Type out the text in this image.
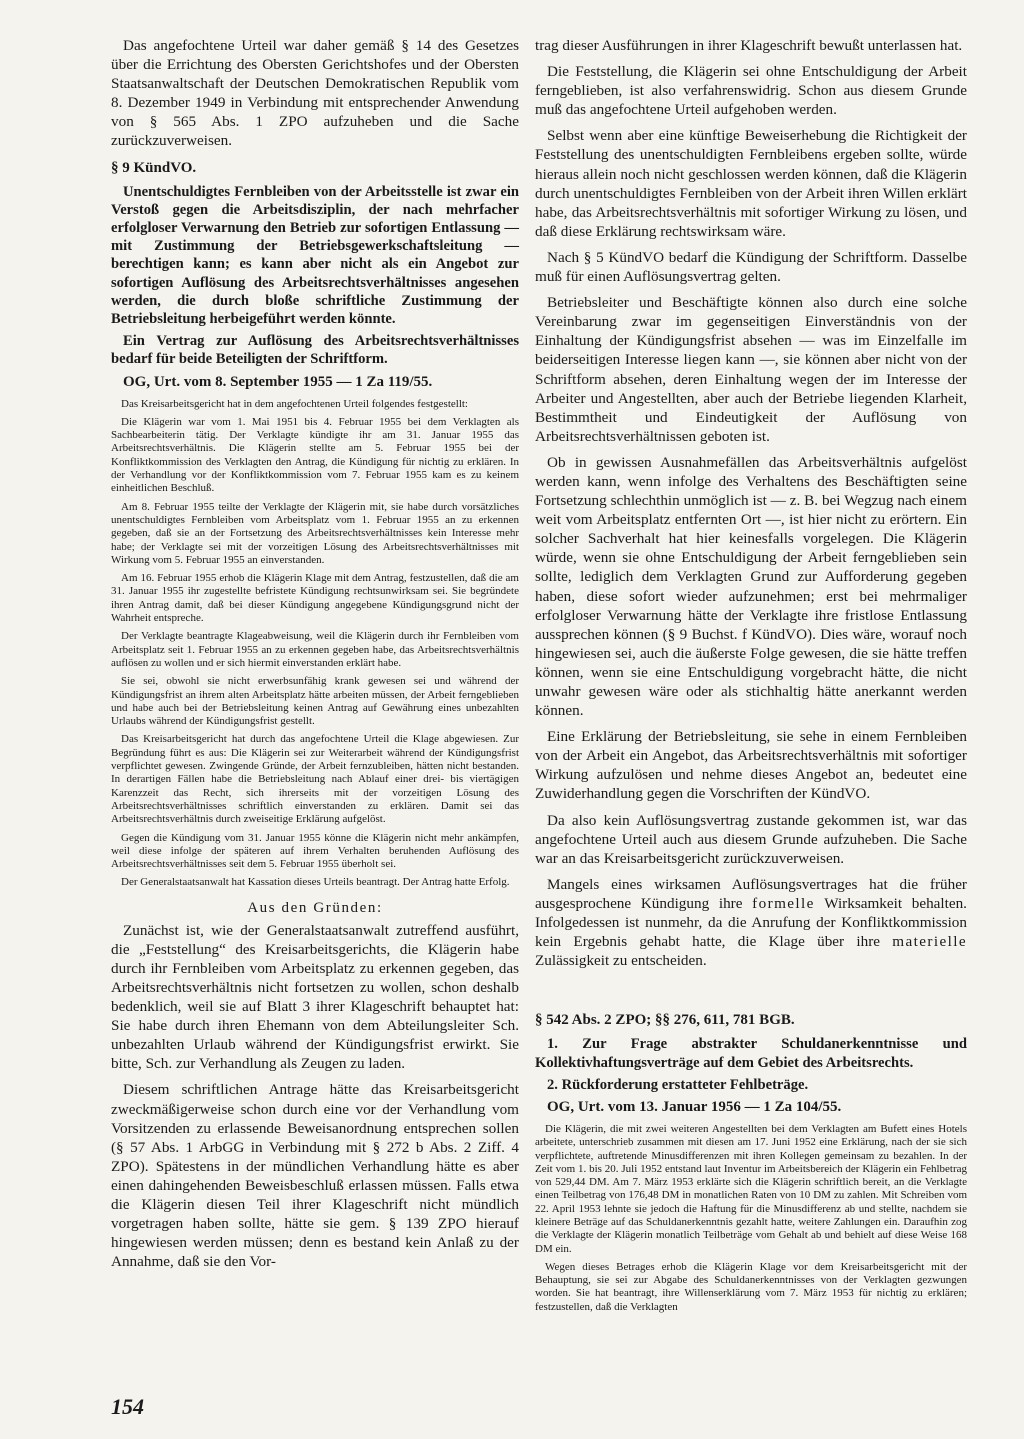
Das angefochtene Urteil war daher gemäß § 14 des Gesetzes über die Errichtung des Obersten Gerichtshofes und der Obersten Staatsanwaltschaft der Deutschen Demokratischen Republik vom 8. Dezember 1949 in Verbindung mit entsprechender Anwendung von § 565 Abs. 1 ZPO aufzuheben und die Sache zurückzuverweisen.

§ 9 KündVO.

Unentschuldigtes Fernbleiben von der Arbeitsstelle ist zwar ein Verstoß gegen die Arbeitsdisziplin, der nach mehrfacher erfolgloser Verwarnung den Betrieb zur sofortigen Entlassung — mit Zustimmung der Betriebsgewerkschaftsleitung — berechtigen kann; es kann aber nicht als ein Angebot zur sofortigen Auflösung des Arbeitsrechtsverhältnisses angesehen werden, die durch bloße schriftliche Zustimmung der Betriebsleitung herbeigeführt werden könnte.

Ein Vertrag zur Auflösung des Arbeitsrechtsverhältnisses bedarf für beide Beteiligten der Schriftform.

OG, Urt. vom 8. September 1955 — 1 Za 119/55.

Das Kreisarbeitsgericht hat in dem angefochtenen Urteil folgendes festgestellt:

Die Klägerin war vom 1. Mai 1951 bis 4. Februar 1955 bei dem Verklagten als Sachbearbeiterin tätig. Der Verklagte kündigte ihr am 31. Januar 1955 das Arbeitsrechtsverhältnis. Die Klägerin stellte am 5. Februar 1955 bei der Konfliktkommission des Verklagten den Antrag, die Kündigung für nichtig zu erklären. In der Verhandlung vor der Konfliktkommission vom 7. Februar 1955 kam es zu keinem einheitlichen Beschluß.

Am 8. Februar 1955 teilte der Verklagte der Klägerin mit, sie habe durch vorsätzliches unentschuldigtes Fernbleiben vom Arbeitsplatz vom 1. Februar 1955 an zu erkennen gegeben, daß sie an der Fortsetzung des Arbeitsrechtsverhältnisses kein Interesse mehr habe; der Verklagte sei mit der vorzeitigen Lösung des Arbeitsrechtsverhältnisses mit Wirkung vom 5. Februar 1955 an einverstanden.

Am 16. Februar 1955 erhob die Klägerin Klage mit dem Antrag, festzustellen, daß die am 31. Januar 1955 ihr zugestellte befristete Kündigung rechtsunwirksam sei. Sie begründete ihren Antrag damit, daß bei dieser Kündigung angegebene Kündigungsgrund nicht der Wahrheit entspreche.

Der Verklagte beantragte Klageabweisung, weil die Klägerin durch ihr Fernbleiben vom Arbeitsplatz seit 1. Februar 1955 an zu erkennen gegeben habe, das Arbeitsrechtsverhältnis auflösen zu wollen und er sich hiermit einverstanden erklärt habe.

Sie sei, obwohl sie nicht erwerbsunfähig krank gewesen sei und während der Kündigungsfrist an ihrem alten Arbeitsplatz hätte arbeiten müssen, der Arbeit ferngeblieben und habe auch bei der Betriebsleitung keinen Antrag auf Gewährung eines unbezahlten Urlaubs während der Kündigungsfrist gestellt.

Das Kreisarbeitsgericht hat durch das angefochtene Urteil die Klage abgewiesen. Zur Begründung führt es aus: Die Klägerin sei zur Weiterarbeit während der Kündigungsfrist verpflichtet gewesen. Zwingende Gründe, der Arbeit fernzubleiben, hätten nicht bestanden. In derartigen Fällen habe die Betriebsleitung nach Ablauf einer drei- bis viertägigen Karenzzeit das Recht, sich ihrerseits mit der vorzeitigen Lösung des Arbeitsrechtsverhältnisses schriftlich einverstanden zu erklären. Damit sei das Arbeitsrechtsverhältnis durch zweiseitige Erklärung aufgelöst.

Gegen die Kündigung vom 31. Januar 1955 könne die Klägerin nicht mehr ankämpfen, weil diese infolge der späteren auf ihrem Verhalten beruhenden Auflösung des Arbeitsrechtsverhältnisses seit dem 5. Februar 1955 überholt sei.

Der Generalstaatsanwalt hat Kassation dieses Urteils beantragt. Der Antrag hatte Erfolg.

Aus den Gründen:

Zunächst ist, wie der Generalstaatsanwalt zutreffend ausführt, die „Feststellung“ des Kreisarbeitsgerichts, die Klägerin habe durch ihr Fernbleiben vom Arbeitsplatz zu erkennen gegeben, das Arbeitsrechtsverhältnis nicht fortsetzen zu wollen, schon deshalb bedenklich, weil sie auf Blatt 3 ihrer Klageschrift behauptet hat: Sie habe durch ihren Ehemann von dem Abteilungsleiter Sch. unbezahlten Urlaub während der Kündigungsfrist erwirkt. Sie bitte, Sch. zur Verhandlung als Zeugen zu laden.

Diesem schriftlichen Antrage hätte das Kreisarbeitsgericht zweckmäßigerweise schon durch eine vor der Verhandlung vom Vorsitzenden zu erlassende Beweisanordnung entsprechen sollen (§ 57 Abs. 1 ArbGG in Verbindung mit § 272 b Abs. 2 Ziff. 4 ZPO). Spätestens in der mündlichen Verhandlung hätte es aber einen dahingehenden Beweisbeschluß erlassen müssen. Falls etwa die Klägerin diesen Teil ihrer Klageschrift nicht mündlich vorgetragen haben sollte, hätte sie gem. § 139 ZPO hierauf hingewiesen werden müssen; denn es bestand kein Anlaß zu der Annahme, daß sie den Vor-

trag dieser Ausführungen in ihrer Klageschrift bewußt unterlassen hat.

Die Feststellung, die Klägerin sei ohne Entschuldigung der Arbeit ferngeblieben, ist also verfahrenswidrig. Schon aus diesem Grunde muß das angefochtene Urteil aufgehoben werden.

Selbst wenn aber eine künftige Beweiserhebung die Richtigkeit der Feststellung des unentschuldigten Fernbleibens ergeben sollte, würde hieraus allein noch nicht geschlossen werden können, daß die Klägerin durch unentschuldigtes Fernbleiben von der Arbeit ihren Willen erklärt habe, das Arbeitsrechtsverhältnis mit sofortiger Wirkung zu lösen, und daß diese Erklärung rechtswirksam wäre.

Nach § 5 KündVO bedarf die Kündigung der Schriftform. Dasselbe muß für einen Auflösungsvertrag gelten.

Betriebsleiter und Beschäftigte können also durch eine solche Vereinbarung zwar im gegenseitigen Einverständnis von der Einhaltung der Kündigungsfrist absehen — was im Einzelfalle im beiderseitigen Interesse liegen kann —, sie können aber nicht von der Schriftform absehen, deren Einhaltung wegen der im Interesse der Arbeiter und Angestellten, aber auch der Betriebe liegenden Klarheit, Bestimmtheit und Eindeutigkeit der Auflösung von Arbeitsrechtsverhältnissen geboten ist.

Ob in gewissen Ausnahmefällen das Arbeitsverhältnis aufgelöst werden kann, wenn infolge des Verhaltens des Beschäftigten seine Fortsetzung schlechthin unmöglich ist — z. B. bei Wegzug nach einem weit vom Arbeitsplatz entfernten Ort —, ist hier nicht zu erörtern. Ein solcher Sachverhalt hat hier keinesfalls vorgelegen. Die Klägerin würde, wenn sie ohne Entschuldigung der Arbeit ferngeblieben sein sollte, lediglich dem Verklagten Grund zur Aufforderung gegeben haben, diese sofort wieder aufzunehmen; erst bei mehrmaliger erfolgloser Verwarnung hätte der Verklagte ihre fristlose Entlassung aussprechen können (§ 9 Buchst. f KündVO). Dies wäre, worauf noch hingewiesen sei, auch die äußerste Folge gewesen, die sie hätte treffen können, wenn sie eine Entschuldigung vorgebracht hätte, die nicht unwahr gewesen wäre oder als stichhaltig hätte anerkannt werden können.

Eine Erklärung der Betriebsleitung, sie sehe in einem Fernbleiben von der Arbeit ein Angebot, das Arbeitsrechtsverhältnis mit sofortiger Wirkung aufzulösen und nehme dieses Angebot an, bedeutet eine Zuwiderhandlung gegen die Vorschriften der KündVO.

Da also kein Auflösungsvertrag zustande gekommen ist, war das angefochtene Urteil auch aus diesem Grunde aufzuheben. Die Sache war an das Kreisarbeitsgericht zurückzuverweisen.

Mangels eines wirksamen Auflösungsvertrages hat die früher ausgesprochene Kündigung ihre formelle Wirksamkeit behalten. Infolgedessen ist nunmehr, da die Anrufung der Konfliktkommission kein Ergebnis gehabt hatte, die Klage über ihre materielle Zulässigkeit zu entscheiden.

§ 542 Abs. 2 ZPO; §§ 276, 611, 781 BGB.

1. Zur Frage abstrakter Schuldanerkenntnisse und Kollektivhaftungsverträge auf dem Gebiet des Arbeitsrechts.

2. Rückforderung erstatteter Fehlbeträge.

OG, Urt. vom 13. Januar 1956 — 1 Za 104/55.

Die Klägerin, die mit zwei weiteren Angestellten bei dem Verklagten am Bufett eines Hotels arbeitete, unterschrieb zusammen mit diesen am 17. Juni 1952 eine Erklärung, nach der sie sich verpflichtete, auftretende Minusdifferenzen mit ihren Kollegen gemeinsam zu bezahlen. In der Zeit vom 1. bis 20. Juli 1952 entstand laut Inventur im Arbeitsbereich der Klägerin ein Fehlbetrag von 529,44 DM. Am 7. März 1953 erklärte sich die Klägerin schriftlich bereit, an die Verklagte einen Teilbetrag von 176,48 DM in monatlichen Raten von 10 DM zu zahlen. Mit Schreiben vom 22. April 1953 lehnte sie jedoch die Haftung für die Minusdifferenz ab und stellte, nachdem sie kleinere Beträge auf das Schuldanerkenntnis gezahlt hatte, weitere Zahlungen ein. Daraufhin zog die Verklagte der Klägerin monatlich Teilbeträge vom Gehalt ab und behielt auf diese Weise 168 DM ein.

Wegen dieses Betrages erhob die Klägerin Klage vor dem Kreisarbeitsgericht mit der Behauptung, sie sei zur Abgabe des Schuldanerkenntnisses von der Verklagten gezwungen worden. Sie hat beantragt, ihre Willenserklärung vom 7. März 1953 für nichtig zu erklären; festzustellen, daß die Verklagten

154
